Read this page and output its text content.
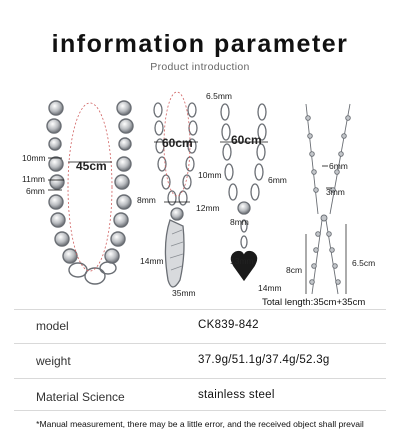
information parameter
Product introduction
45cm
10mm
11mm
6mm
6.5mm
60cm
10mm
8mm
12mm
14mm
35mm
60cm
6mm
8mm
13mm
14mm
6mm
3mm
8cm
6.5cm
Total length:35cm+35cm
model	CK839-842
weight	37.9g/51.1g/37.4g/52.3g
Material Science	stainless steel
*Manual measurement, there may be a little error, and the received object shall prevail
